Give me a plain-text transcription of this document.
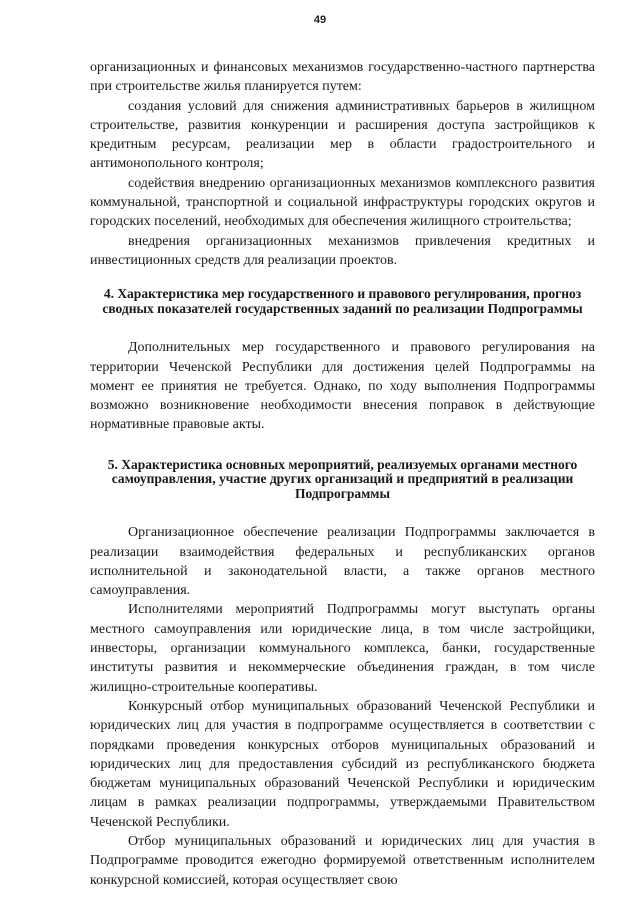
49

организационных и финансовых механизмов государственно-частного партнерства при строительстве жилья планируется путем:

создания условий для снижения административных барьеров в жилищном строительстве, развития конкуренции и расширения доступа застройщиков к кредитным ресурсам, реализации мер в области градостроительного и антимонопольного контроля;

содействия внедрению организационных механизмов комплексного развития коммунальной, транспортной и социальной инфраструктуры городских округов и городских поселений, необходимых для обеспечения жилищного строительства;

внедрения организационных механизмов привлечения кредитных и инвестиционных средств для реализации проектов.

4. Характеристика мер государственного и правового регулирования, прогноз сводных показателей государственных заданий по реализации Подпрограммы

Дополнительных мер государственного и правового регулирования на территории Чеченской Республики для достижения целей Подпрограммы на момент ее принятия не требуется. Однако, по ходу выполнения Подпрограммы возможно возникновение необходимости внесения поправок в действующие нормативные правовые акты.

5. Характеристика основных мероприятий, реализуемых органами местного самоуправления, участие других организаций и предприятий в реализации Подпрограммы

Организационное обеспечение реализации Подпрограммы заключается в реализации взаимодействия федеральных и республиканских органов исполнительной и законодательной власти, а также органов местного самоуправления.

Исполнителями мероприятий Подпрограммы могут выступать органы местного самоуправления или юридические лица, в том числе застройщики, инвесторы, организации коммунального комплекса, банки, государственные институты развития и некоммерческие объединения граждан, в том числе жилищно-строительные кооперативы.

Конкурсный отбор муниципальных образований Чеченской Республики и юридических лиц для участия в подпрограмме осуществляется в соответствии с порядками проведения конкурсных отборов муниципальных образований и юридических лиц для предоставления субсидий из республиканского бюджета бюджетам муниципальных образований Чеченской Республики и юридическим лицам в рамках реализации подпрограммы, утверждаемыми Правительством Чеченской Республики.

Отбор муниципальных образований и юридических лиц для участия в Подпрограмме проводится ежегодно формируемой ответственным исполнителем конкурсной комиссией, которая осуществляет свою
